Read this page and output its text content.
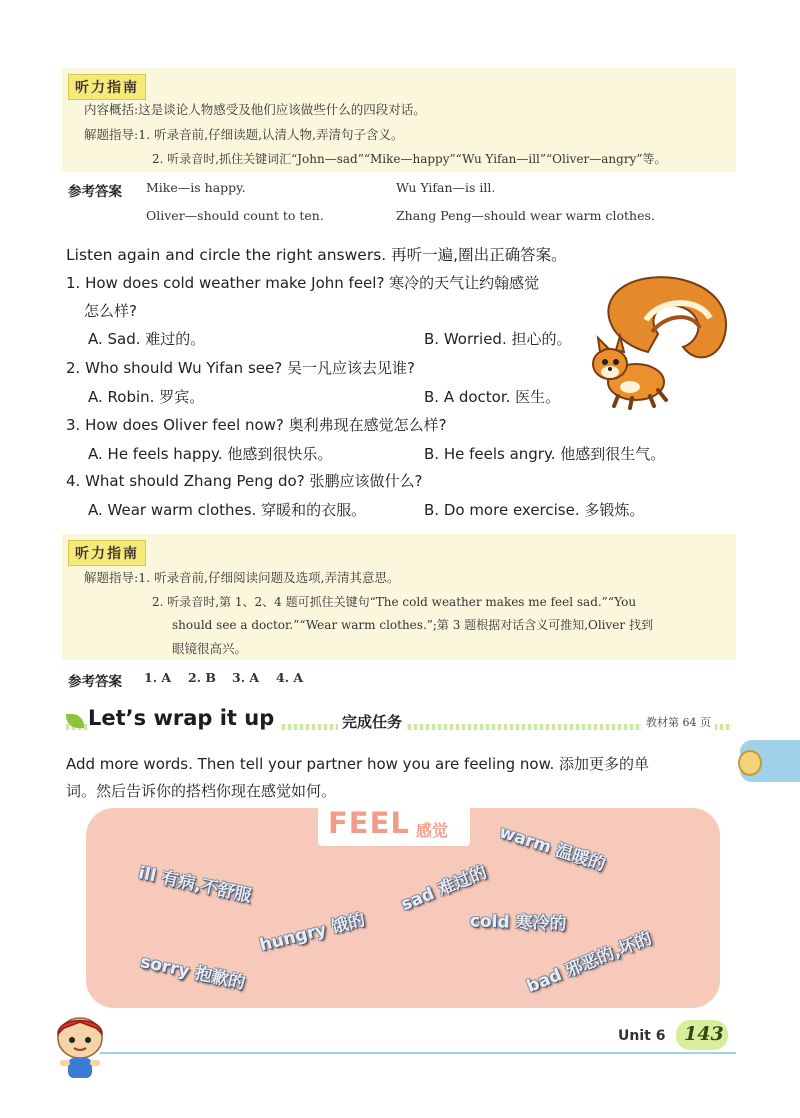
听力指南
内容概括:这是谈论人物感受及他们应该做些什么的四段对话。
解题指导:1. 听录音前,仔细读题,认清人物,弄清句子含义。
2. 听录音时,抓住关键词汇“John—sad”“Mike—happy”“Wu Yifan—ill”“Oliver—angry”等。
参考答案 Mike—is happy.	Wu Yifan—is ill.
Oliver—should count to ten.	Zhang Peng—should wear warm clothes.
Listen again and circle the right answers. 再听一遍,圈出正确答案。
1. How does cold weather make John feel? 寒冷的天气让约翰感觉
怎么样?
A. Sad. 难过的。	B. Worried. 担心的。
2. Who should Wu Yifan see? 吴一凡应该去见谁?
A. Robin. 罗宾。	B. A doctor. 医生。
3. How does Oliver feel now? 奥利弗现在感觉怎么样?
A. He feels happy. 他感到很快乐。	B. He feels angry. 他感到很生气。
4. What should Zhang Peng do? 张鹏应该做什么?
A. Wear warm clothes. 穿暖和的衣服。	B. Do more exercise. 多锻炼。
听力指南
解题指导:1. 听录音前,仔细阅读问题及选项,弄清其意思。
2. 听录音时,第 1、2、4 题可抓住关键句“The cold weather makes me feel sad.”“You
should see a doctor.”“Wear warm clothes.”;第 3 题根据对话含义可推知,Oliver 找到
眼镜很高兴。
参考答案 1. A 2. B 3. A 4. A
Let’s wrap it up	完成任务	教材第 64 页
Add more words. Then tell your partner how you are feeling now. 添加更多的单
词。然后告诉你的搭档你现在感觉如何。
FEEL 感觉	warm 温暖的
ill 有病,不舒服	sad 难过的
hungry 饿的	cold 寒冷的
sorry 抱歉的	bad 邪恶的,坏的
Unit 6 143
